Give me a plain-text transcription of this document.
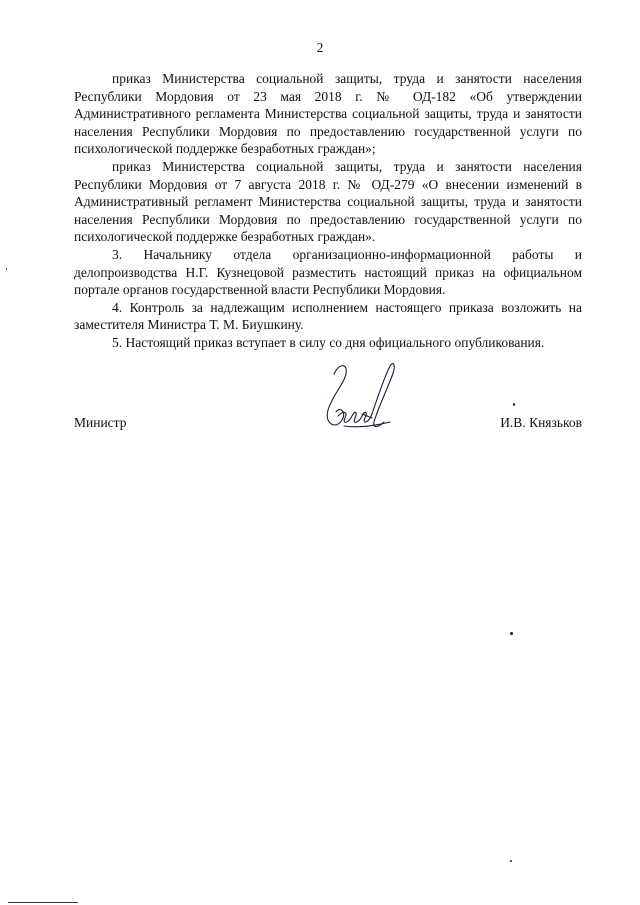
2

приказ Министерства социальной защиты, труда и занятости населения Республики Мордовия от 23 мая 2018 г. № ОД-182 «Об утверждении Административного регламента Министерства социальной защиты, труда и занятости населения Республики Мордовия по предоставлению государственной услуги по психологической поддержке безработных граждан»;

приказ Министерства социальной защиты, труда и занятости населения Республики Мордовия от 7 августа 2018 г. № ОД-279 «О внесении изменений в Административный регламент Министерства социальной защиты, труда и занятости населения Республики Мордовия по предоставлению государственной услуги по психологической поддержке безработных граждан».

3. Начальнику отдела организационно-информационной работы и делопроизводства Н.Г. Кузнецовой разместить настоящий приказ на официальном портале органов государственной власти Республики Мордовия.

4. Контроль за надлежащим исполнением настоящего приказа возложить на заместителя Министра Т. М. Биушкину.

5. Настоящий приказ вступает в силу со дня официального опубликования.

Министр	И.В. Князьков
